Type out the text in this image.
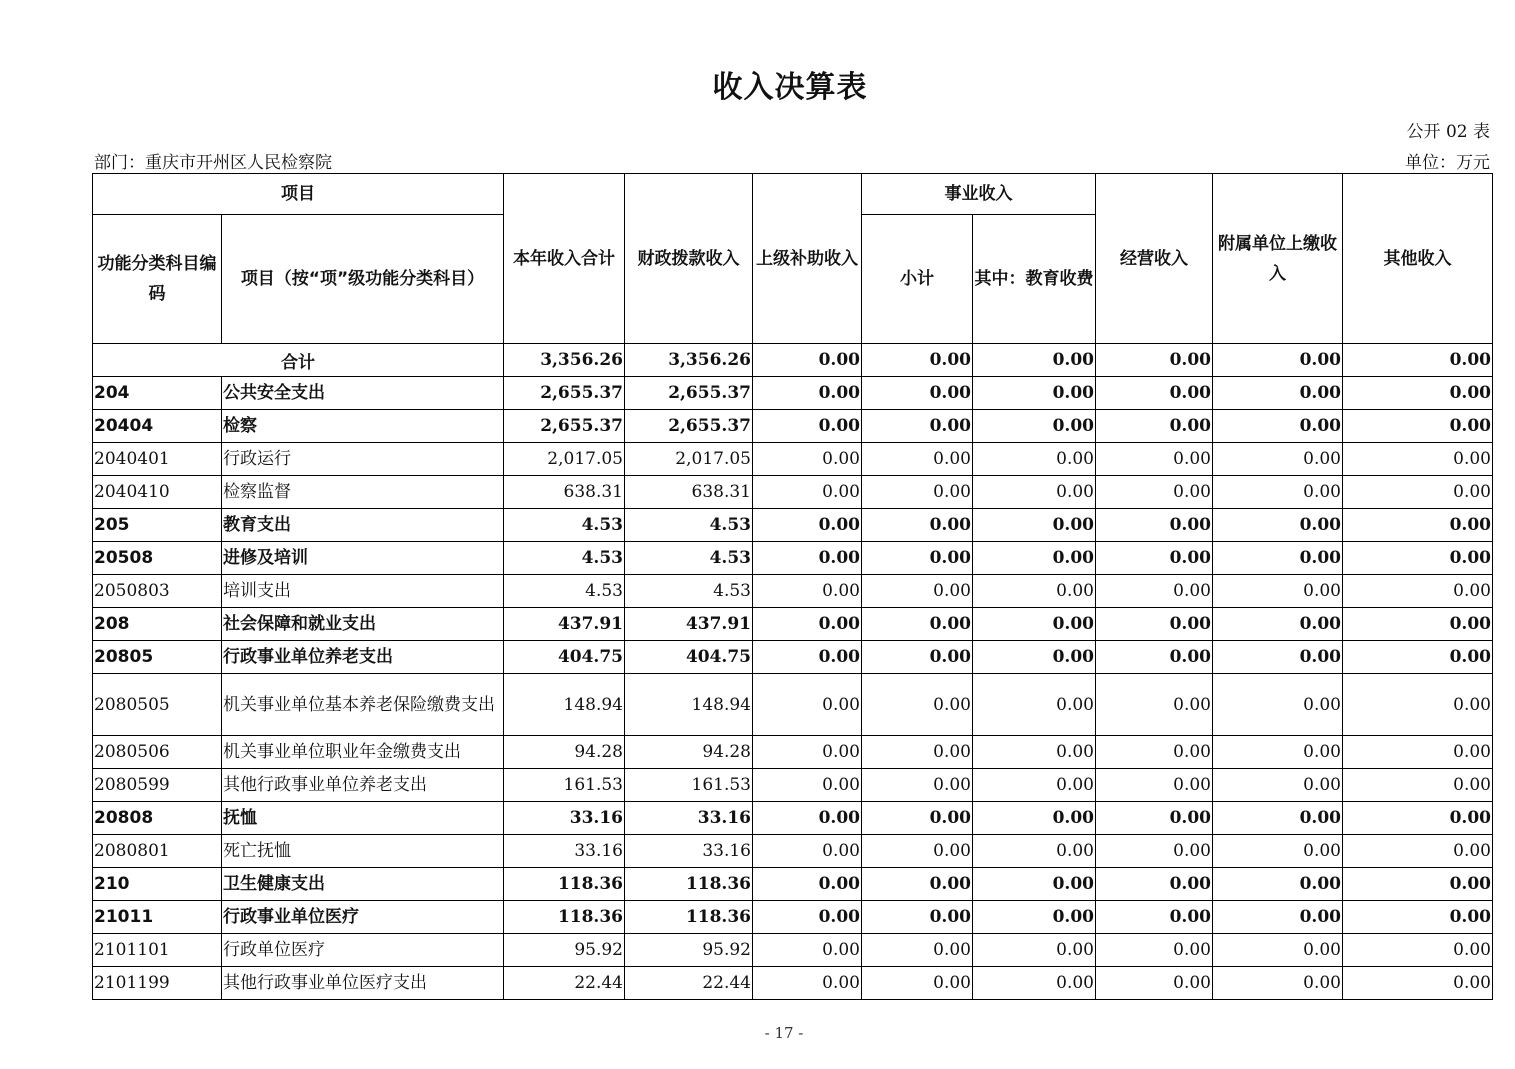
收入决算表
公开 02 表
部门：重庆市开州区人民检察院	单位：万元
项目		本年收入合计	财政拨款收入	上级补助收入	事业收入		经营收入	附属单位上缴收入	其他收入
功能分类科目编码	项目（按“项”级功能分类科目）				小计	其中：教育收费			
合计		3,356.26	3,356.26	0.00	0.00	0.00	0.00	0.00	0.00
204	公共安全支出	2,655.37	2,655.37	0.00	0.00	0.00	0.00	0.00	0.00
20404	检察	2,655.37	2,655.37	0.00	0.00	0.00	0.00	0.00	0.00
2040401	行政运行	2,017.05	2,017.05	0.00	0.00	0.00	0.00	0.00	0.00
2040410	检察监督	638.31	638.31	0.00	0.00	0.00	0.00	0.00	0.00
205	教育支出	4.53	4.53	0.00	0.00	0.00	0.00	0.00	0.00
20508	进修及培训	4.53	4.53	0.00	0.00	0.00	0.00	0.00	0.00
2050803	培训支出	4.53	4.53	0.00	0.00	0.00	0.00	0.00	0.00
208	社会保障和就业支出	437.91	437.91	0.00	0.00	0.00	0.00	0.00	0.00
20805	行政事业单位养老支出	404.75	404.75	0.00	0.00	0.00	0.00	0.00	0.00
2080505	机关事业单位基本养老保险缴费支出	148.94	148.94	0.00	0.00	0.00	0.00	0.00	0.00
2080506	机关事业单位职业年金缴费支出	94.28	94.28	0.00	0.00	0.00	0.00	0.00	0.00
2080599	其他行政事业单位养老支出	161.53	161.53	0.00	0.00	0.00	0.00	0.00	0.00
20808	抚恤	33.16	33.16	0.00	0.00	0.00	0.00	0.00	0.00
2080801	死亡抚恤	33.16	33.16	0.00	0.00	0.00	0.00	0.00	0.00
210	卫生健康支出	118.36	118.36	0.00	0.00	0.00	0.00	0.00	0.00
21011	行政事业单位医疗	118.36	118.36	0.00	0.00	0.00	0.00	0.00	0.00
2101101	行政单位医疗	95.92	95.92	0.00	0.00	0.00	0.00	0.00	0.00
2101199	其他行政事业单位医疗支出	22.44	22.44	0.00	0.00	0.00	0.00	0.00	0.00
- 17 -
